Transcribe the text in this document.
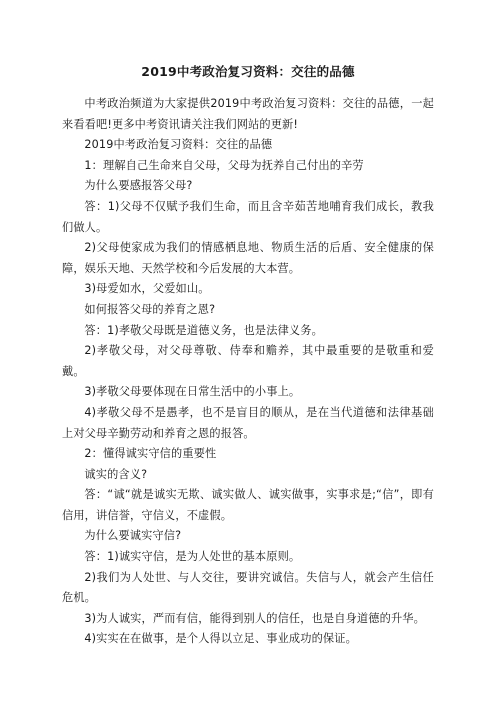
2019中考政治复习资料：交往的品德

中考政治频道为大家提供2019中考政治复习资料：交往的品德，一起来看看吧!更多中考资讯请关注我们网站的更新!

2019中考政治复习资料：交往的品德

1：理解自己生命来自父母，父母为抚养自己付出的辛劳

为什么要感报答父母?

答：1)父母不仅赋予我们生命，而且含辛茹苦地哺育我们成长，教我们做人。

2)父母使家成为我们的情感栖息地、物质生活的后盾、安全健康的保障，娱乐天地、天然学校和今后发展的大本营。

3)母爱如水，父爱如山。

如何报答父母的养育之恩?

答：1)孝敬父母既是道德义务，也是法律义务。

2)孝敬父母，对父母尊敬、侍奉和赡养，其中最重要的是敬重和爱戴。

3)孝敬父母要体现在日常生活中的小事上。

4)孝敬父母不是愚孝，也不是盲目的顺从，是在当代道德和法律基础上对父母辛勤劳动和养育之恩的报答。

2：懂得诚实守信的重要性

诚实的含义?

答：“诚“就是诚实无欺、诚实做人、诚实做事，实事求是;“信”，即有信用，讲信誉，守信义，不虚假。

为什么要诚实守信?

答：1)诚实守信，是为人处世的基本原则。

2)我们为人处世、与人交往，要讲究诚信。失信与人，就会产生信任危机。

3)为人诚实，严而有信，能得到别人的信任，也是自身道德的升华。

4)实实在在做事，是个人得以立足、事业成功的保证。
